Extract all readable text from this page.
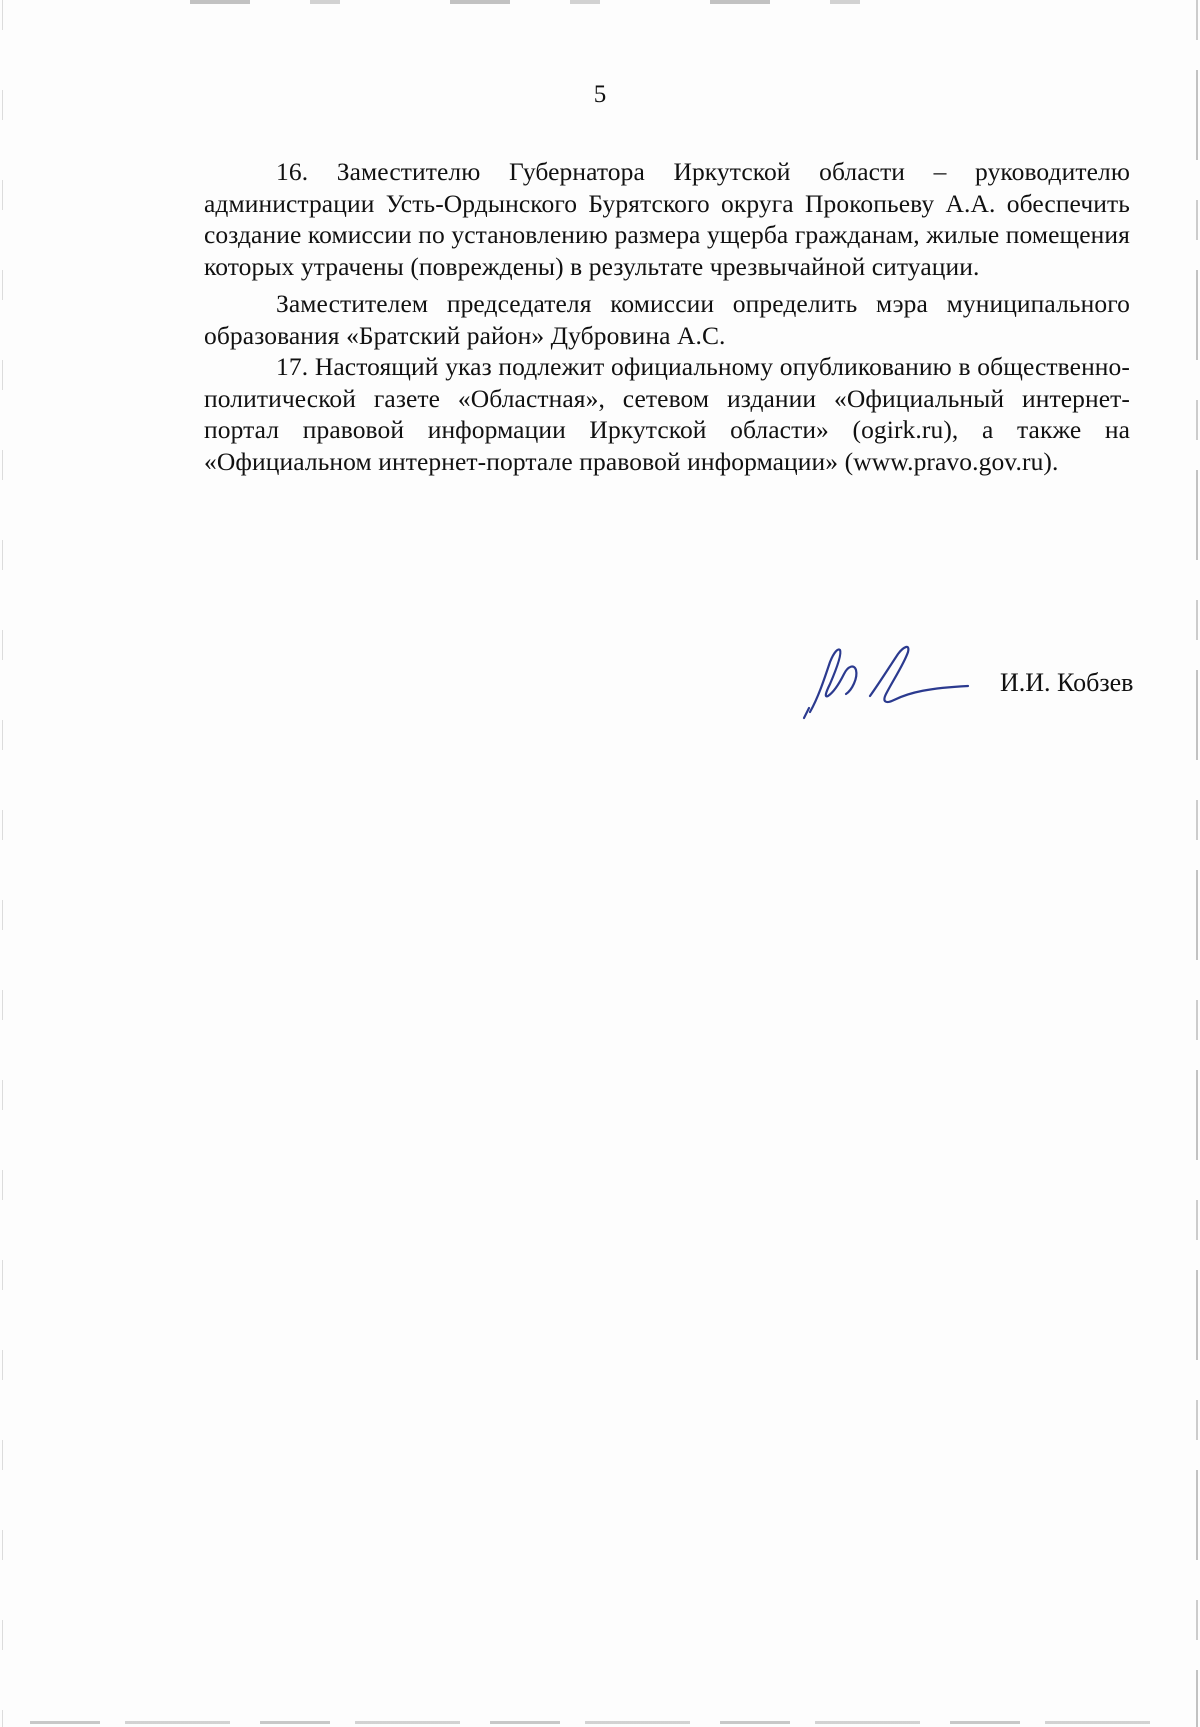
5

16. Заместителю Губернатора Иркутской области – руководителю администрации Усть-Ордынского Бурятского округа Прокопьеву А.А. обеспечить создание комиссии по установлению размера ущерба гражданам, жилые помещения которых утрачены (повреждены) в результате чрезвычайной ситуации.

Заместителем председателя комиссии определить мэра муниципального образования «Братский район» Дубровина А.С.

17. Настоящий указ подлежит официальному опубликованию в общественно-политической газете «Областная», сетевом издании «Официальный интернет-портал правовой информации Иркутской области» (ogirk.ru), а также на «Официальном интернет-портале правовой информации» (www.pravo.gov.ru).

И.И. Кобзев
